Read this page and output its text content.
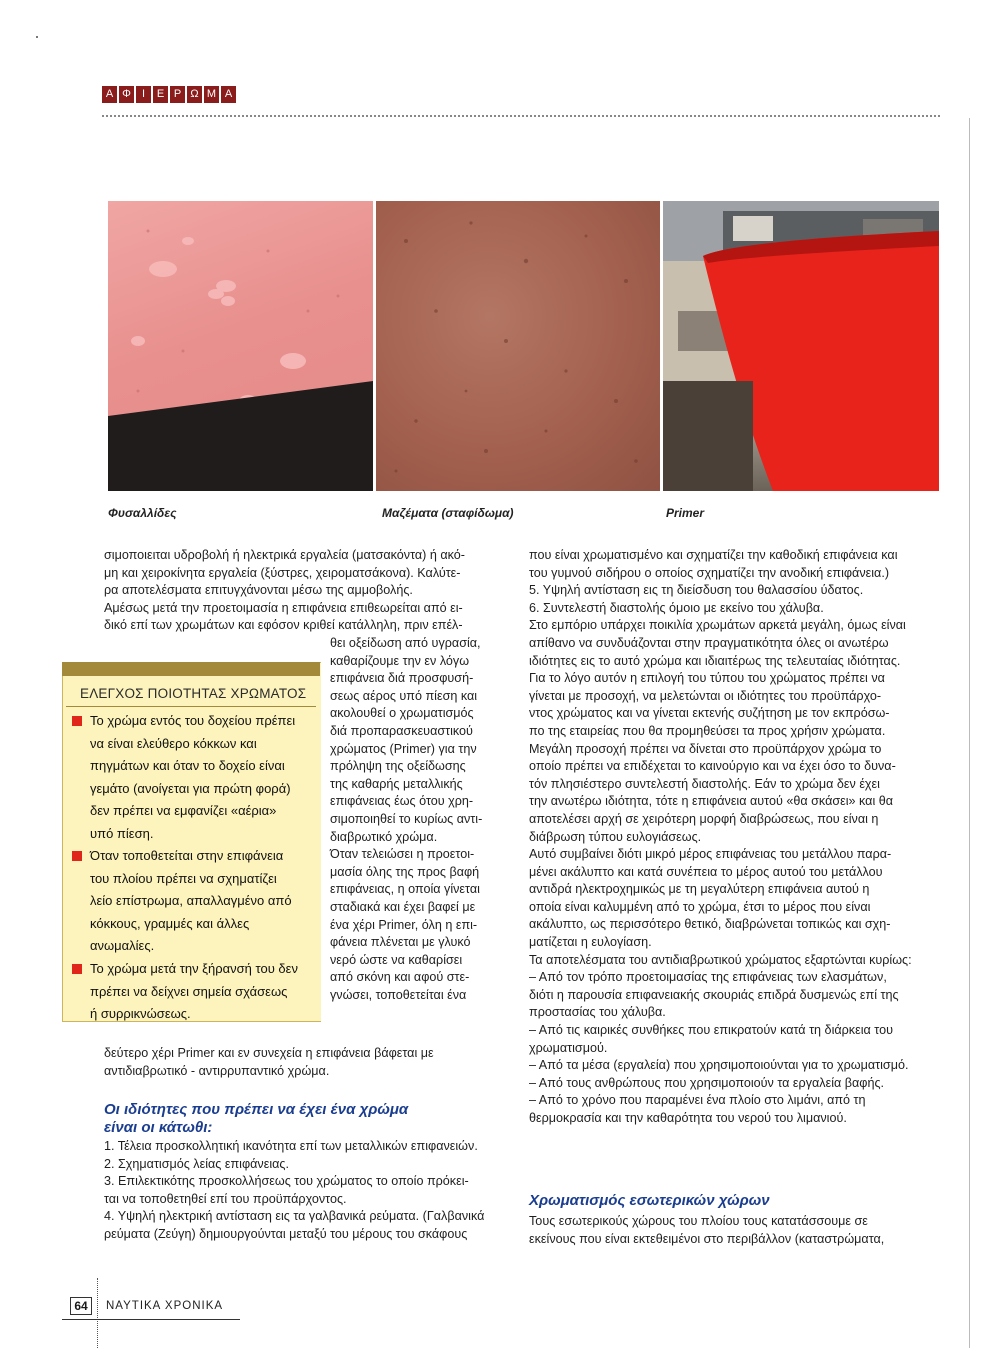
Α Φ	Ι	Ε Ρ Ω Μ Α
Φυσαλλίδες	Μαζέματα (σταφίδωμα)	Primer

σιμοποιειται υδροβολή ή ηλεκτρικά εργαλεία (ματσακόντα) ή ακό-

μη και χειροκίνητα εργαλεία (ξύστρες, χειροματσάκονα). Καλύτε-

ρα αποτελέσματα επιτυγχάνονται μέσω της αμμοβολής.

Αμέσως μετά την προετοιμασία η επιφάνεια επιθεωρείται από ει-

δικό επί των χρωμάτων και εφόσον κριθεί κατάλληλη, πριν επέλ-

θει οξείδωση από υγρασία,

καθαρίζουμε την εν λόγω

επιφάνεια διά προσφυσή-

σεως αέρος υπό πίεση και

ακολουθεί ο χρωματισμός

διά προπαρασκευαστικού

χρώματος (Primer) για την

πρόληψη της οξείδωσης

της καθαρής μεταλλικής

επιφάνειας έως ότου χρη-

σιμοποιηθεί το κυρίως αντι-

διαβρωτικό χρώμα.

Όταν τελειώσει η προετοι-

μασία όλης της προς βαφή

επιφάνειας, η οποία γίνεται

σταδιακά και έχει βαφεί με

ένα χέρι Primer, όλη η επι-

φάνεια πλένεται με γλυκό

νερό ώστε να καθαρίσει

από σκόνη και αφού στε-

γνώσει, τοποθετείται ένα

ΕΛΕΓΧΟΣ ΠΟΙΟΤΗΤΑΣ ΧΡΩΜΑΤΟΣ
Το χρώμα εντός του δοχείου πρέπει
να είναι ελεύθερο κόκκων και
πηγμάτων και όταν το δοχείο είναι
γεμάτο (ανοίγεται για πρώτη φορά)
δεν πρέπει να εμφανίζει «αέρια»
υπό πίεση.
Όταν τοποθετείται στην επιφάνεια
του πλοίου πρέπει να σχηματίζει
λείο επίστρωμα, απαλλαγμένο από
κόκκους, γραμμές και άλλες
ανωμαλίες.
Το χρώμα μετά την ξήρανσή του δεν
πρέπει να δείχνει σημεία σχάσεως
ή συρρικνώσεως.

δεύτερο χέρι Primer και εν συνεχεία η επιφάνεια βάφεται με

αντιδιαβρωτικό - αντιρρυπαντικό χρώμα.

Οι ιδιότητες που πρέπει να έχει ένα χρώμα
είναι οι κάτωθι:

1. Τέλεια προσκολλητική ικανότητα επί των μεταλλικών επιφανειών.

2. Σχηματισμός λείας επιφάνειας.

3. Επιλεκτικότης προσκολλήσεως του χρώματος το οποίο πρόκει-

ται να τοποθετηθεί επί του προϋπάρχοντος.

4. Υψηλή ηλεκτρική αντίσταση εις τα γαλβανικά ρεύματα. (Γαλβανικά

ρεύματα (Ζεύγη) δημιουργούνται μεταξύ του μέρους του σκάφους

που είναι χρωματισμένο και σχηματίζει την καθοδική επιφάνεια και

του γυμνού σιδήρου ο οποίος σχηματίζει την ανοδική επιφάνεια.)

5. Υψηλή αντίσταση εις τη διείσδυση του θαλασσίου ύδατος.

6. Συντελεστή διαστολής όμοιο με εκείνο του χάλυβα.

Στο εμπόριο υπάρχει ποικιλία χρωμάτων αρκετά μεγάλη, όμως είναι

απίθανο να συνδυάζονται στην πραγματικότητα όλες οι ανωτέρω

ιδιότητες εις το αυτό χρώμα και ιδιαιτέρως της τελευταίας ιδιότητας.

Για το λόγο αυτόν η επιλογή του τύπου του χρώματος πρέπει να

γίνεται με προσοχή, να μελετώνται οι ιδιότητες του προϋπάρχο-

ντος χρώματος και να γίνεται εκτενής συζήτηση με τον εκπρόσω-

πο της εταιρείας που θα προμηθεύσει τα προς χρήσιν χρώματα.

Μεγάλη προσοχή πρέπει να δίνεται στο προϋπάρχον χρώμα το

οποίο πρέπει να επιδέχεται το καινούργιο και να έχει όσο το δυνα-

τόν πλησιέστερο συντελεστή διαστολής. Εάν το χρώμα δεν έχει

την ανωτέρω ιδιότητα, τότε η επιφάνεια αυτού «θα σκάσει» και θα

αποτελέσει αρχή σε χειρότερη μορφή διαβρώσεως, που είναι η

διάβρωση τύπου ευλογιάσεως.

Αυτό συμβαίνει διότι μικρό μέρος επιφάνειας του μετάλλου παρα-

μένει ακάλυπτο και κατά συνέπεια το μέρος αυτού του μετάλλου

αντιδρά ηλεκτροχημικώς με τη μεγαλύτερη επιφάνεια αυτού η

οποία είναι καλυμμένη από το χρώμα, έτσι το μέρος που είναι

ακάλυπτο, ως περισσότερο θετικό, διαβρώνεται τοπικώς και σχη-

ματίζεται η ευλογίαση.

Τα αποτελέσματα του αντιδιαβρωτικού χρώματος εξαρτώνται κυρίως:

– Από τον τρόπο προετοιμασίας της επιφάνειας των ελασμάτων,

διότι η παρουσία επιφανειακής σκουριάς επιδρά δυσμενώς επί της

προστασίας του χάλυβα.

– Από τις καιρικές συνθήκες που επικρατούν κατά τη διάρκεια του

χρωματισμού.

– Από τα μέσα (εργαλεία) που χρησιμοποιούνται για το χρωματισμό.

– Από τους ανθρώπους που χρησιμοποιούν τα εργαλεία βαφής.

– Από το χρόνο που παραμένει ένα πλοίο στο λιμάνι, από τη

θερμοκρασία και την καθαρότητα του νερού του λιμανιού.

Χρωματισμός εσωτερικών χώρων

Τους εσωτερικούς χώρους του πλοίου τους κατατάσσουμε σε

εκείνους που είναι εκτεθειμένοι στο περιβάλλον (καταστρώματα,

64	ΝΑΥΤΙΚΑ ΧΡΟΝΙΚΑ
